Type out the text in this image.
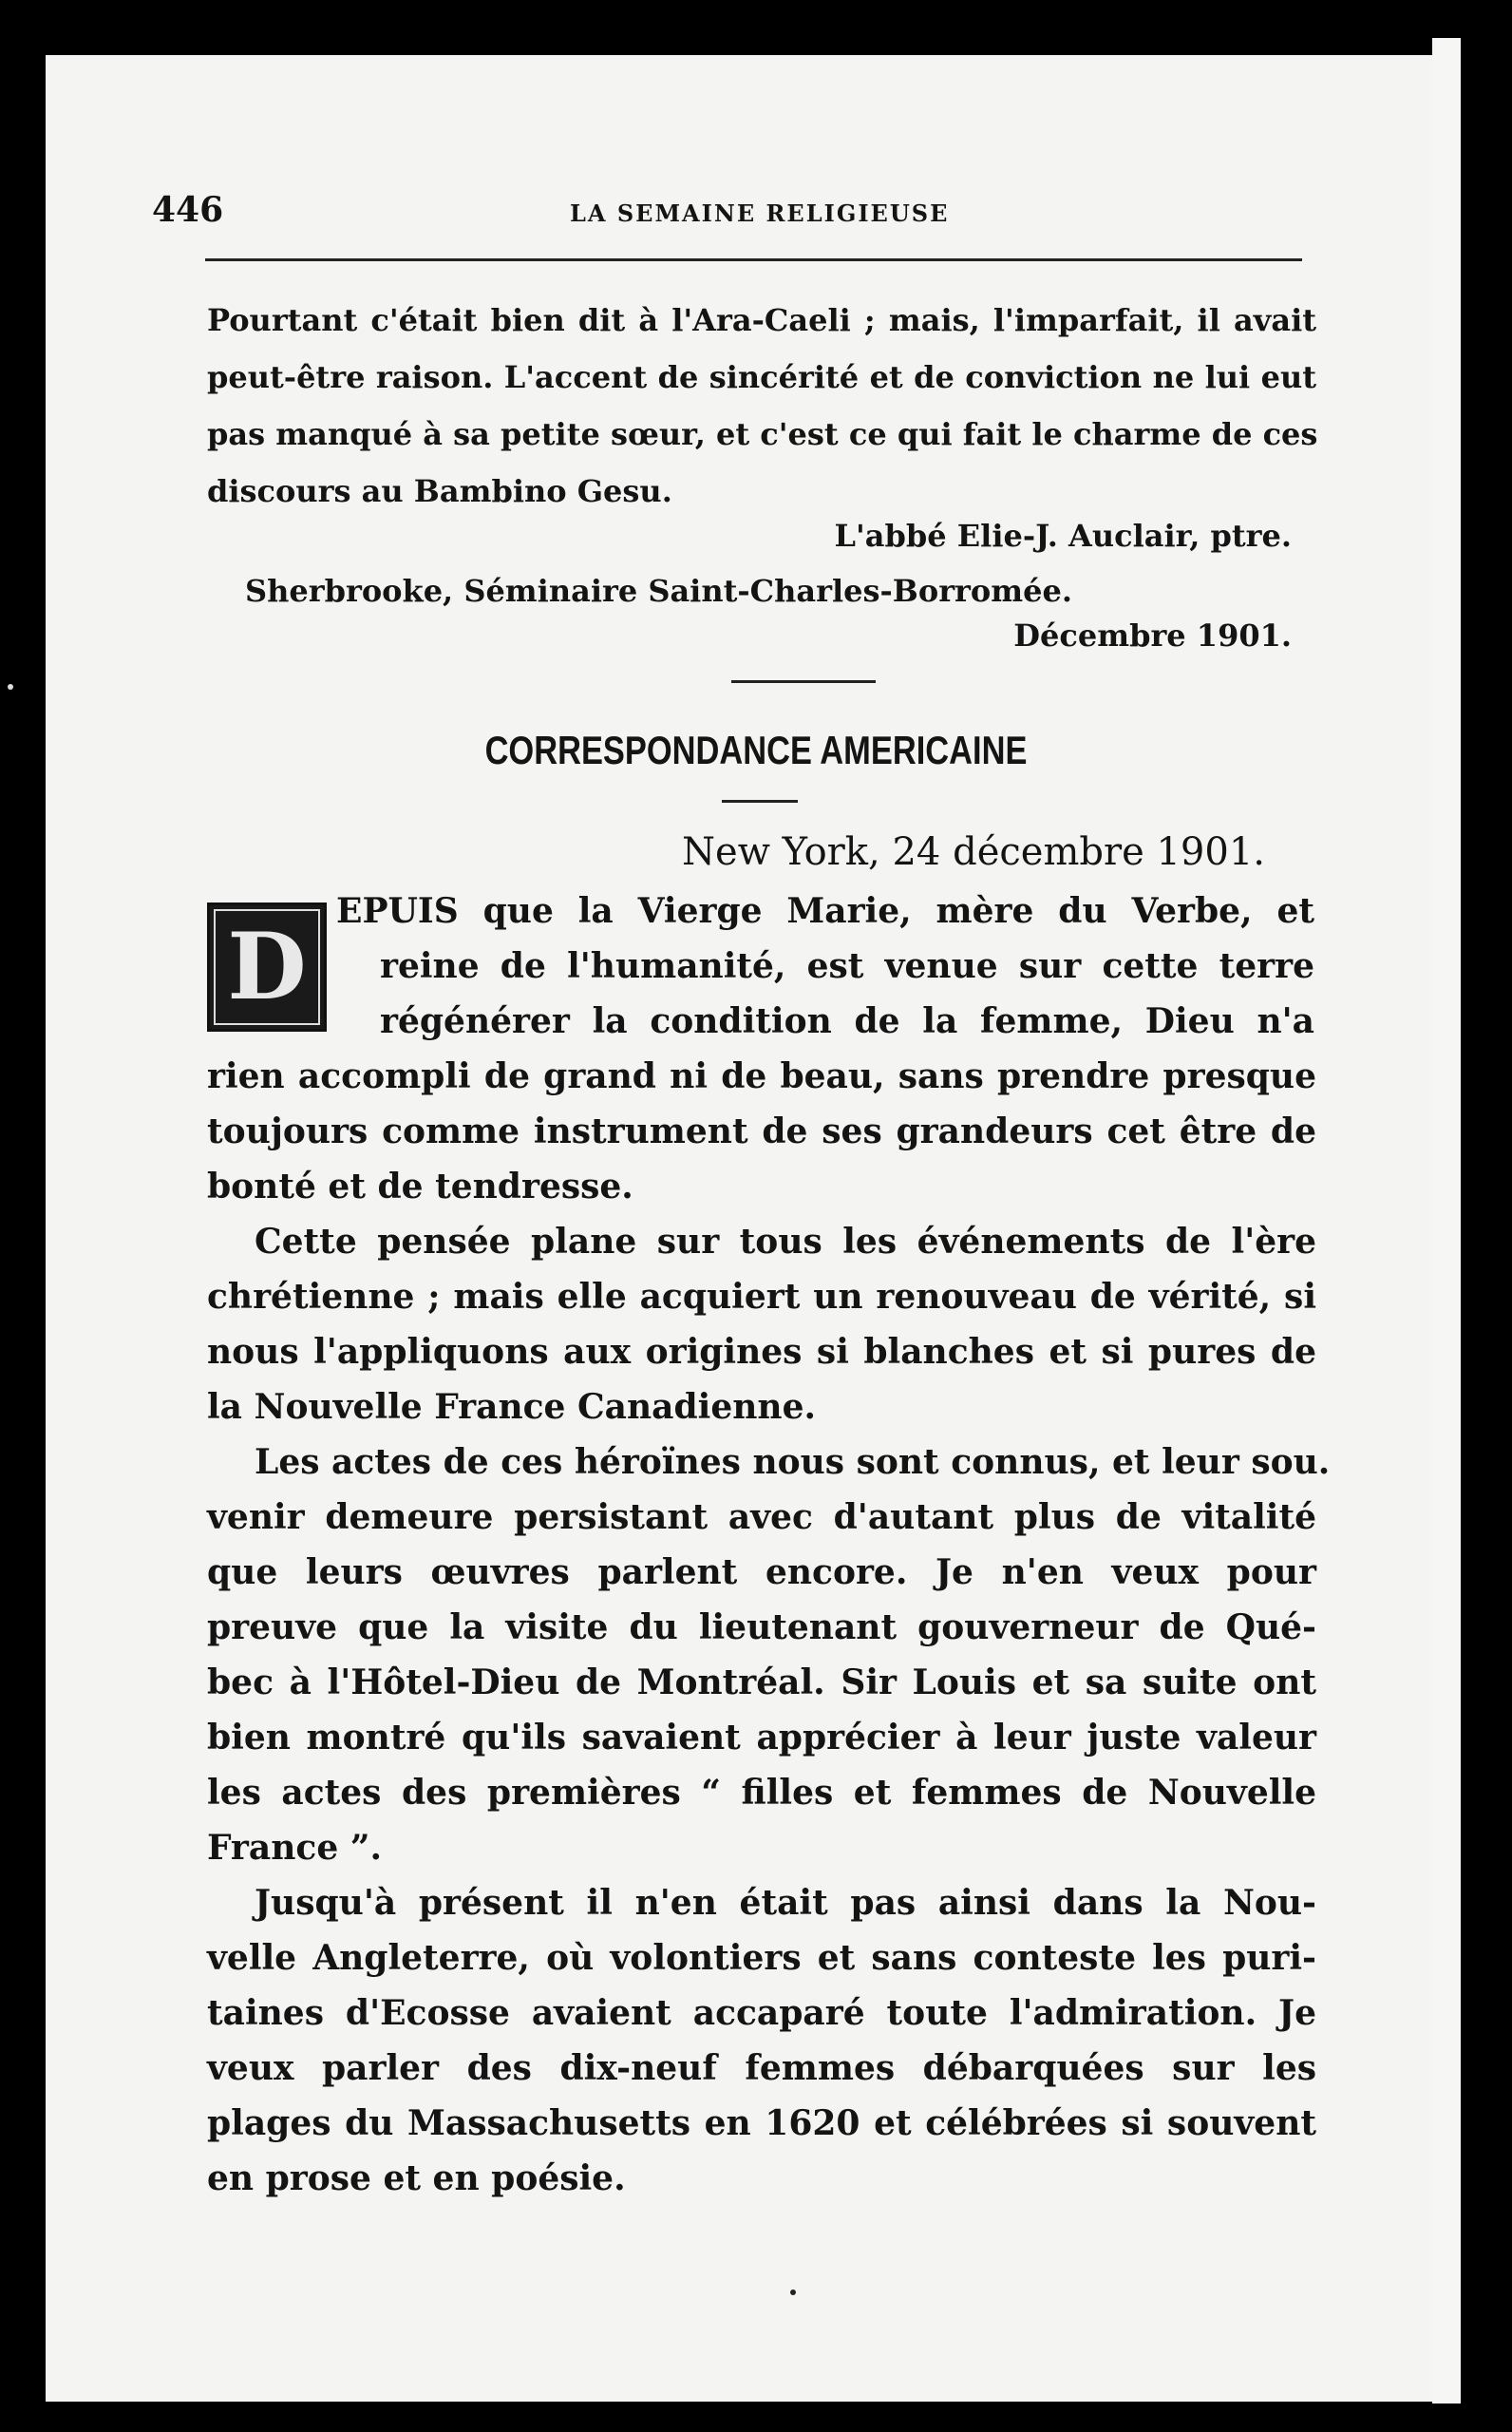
446	LA SEMAINE RELIGIEUSE
Pourtant c'était bien dit à l'Ara-Caeli ; mais, l'imparfait, il avait
peut-être raison. L'accent de sincérité et de conviction ne lui eut
pas manqué à sa petite sœur, et c'est ce qui fait le charme de ces
discours au Bambino Gesu.
L'abbé Elie-J. Auclair, ptre.
Sherbrooke, Séminaire Saint-Charles-Borromée.
Décembre 1901.
CORRESPONDANCE AMERICAINE
New York, 24 décembre 1901.
D
EPUIS que la Vierge Marie, mère du Verbe, et
reine de l'humanité, est venue sur cette terre
régénérer la condition de la femme, Dieu n'a
rien accompli de grand ni de beau, sans prendre presque
toujours comme instrument de ses grandeurs cet être de
bonté et de tendresse.
Cette pensée plane sur tous les événements de l'ère
chrétienne ; mais elle acquiert un renouveau de vérité, si
nous l'appliquons aux origines si blanches et si pures de
la Nouvelle France Canadienne.
Les actes de ces héroïnes nous sont connus, et leur sou.
venir demeure persistant avec d'autant plus de vitalité
que leurs œuvres parlent encore. Je n'en veux pour
preuve que la visite du lieutenant gouverneur de Qué-
bec à l'Hôtel-Dieu de Montréal. Sir Louis et sa suite ont
bien montré qu'ils savaient apprécier à leur juste valeur
les actes des premières “ filles et femmes de Nouvelle
France ”.
Jusqu'à présent il n'en était pas ainsi dans la Nou-
velle Angleterre, où volontiers et sans conteste les puri-
taines d'Ecosse avaient accaparé toute l'admiration. Je
veux parler des dix-neuf femmes débarquées sur les
plages du Massachusetts en 1620 et célébrées si souvent
en prose et en poésie.
